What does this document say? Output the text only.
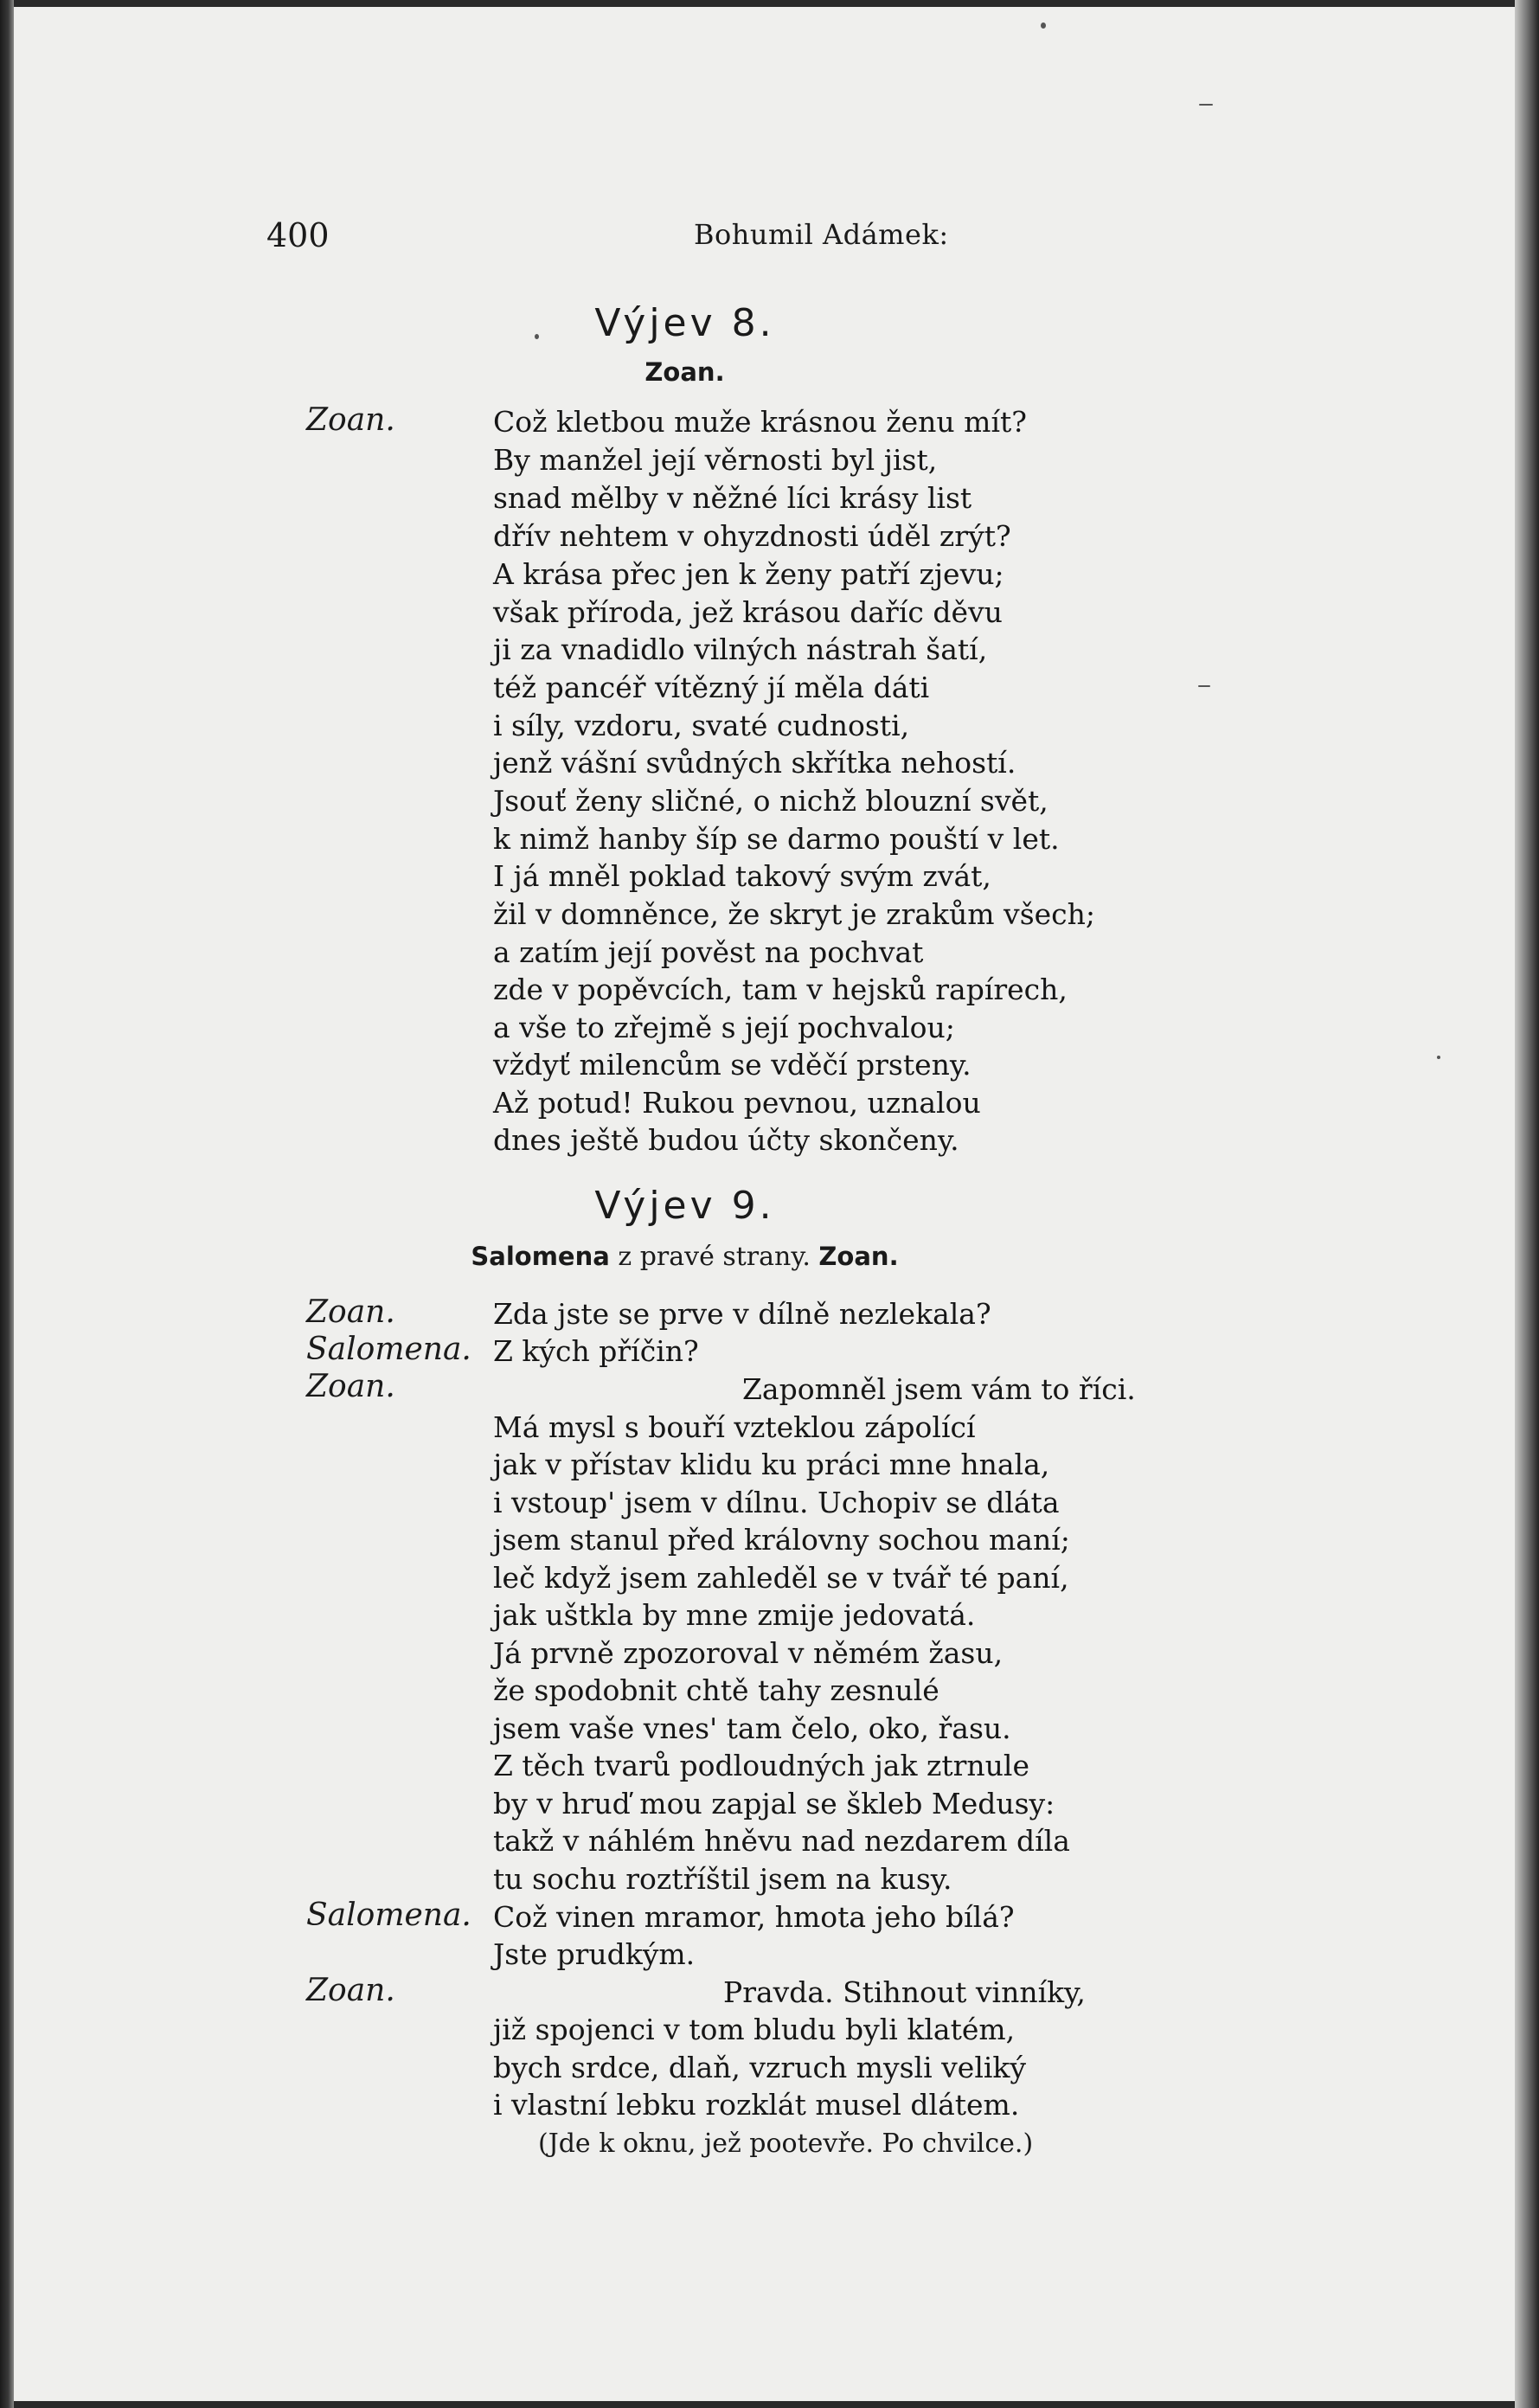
400	Bohumil Adámek:
Výjev 8.
Zoan.
Zoan.	Což kletbou muže krásnou ženu mít?
By manžel její věrnosti byl jist,
snad mělby v něžné líci krásy list
dřív nehtem v ohyzdnosti úděl zrýt?
A krása přec jen k ženy patří zjevu;
však příroda, jež krásou daříc děvu
ji za vnadidlo vilných nástrah šatí,
též pancéř vítězný jí měla dáti
i síly, vzdoru, svaté cudnosti,
jenž vášní svůdných skřítka nehostí.
Jsouť ženy sličné, o nichž blouzní svět,
k nimž hanby šíp se darmo pouští v let.
I já mněl poklad takový svým zvát,
žil v domněnce, že skryt je zrakům všech;
a zatím její pověst na pochvat
zde v popěvcích, tam v hejsků rapírech,
a vše to zřejmě s její pochvalou;
vždyť milencům se vděčí prsteny.
Až potud! Rukou pevnou, uznalou
dnes ještě budou účty skončeny.
Výjev 9.
Salomena z pravé strany. Zoan.
Zoan.
Salomena.
Zoan.
Salomena.
Zoan.
Zda jste se prve v dílně nezlekala?
Z kých příčin?
Zapomněl jsem vám to říci.
Má mysl s bouří vzteklou zápolící
jak v přístav klidu ku práci mne hnala,
i vstoup' jsem v dílnu. Uchopiv se dláta
jsem stanul před královny sochou maní;
leč když jsem zahleděl se v tvář té paní,
jak uštkla by mne zmije jedovatá.
Já prvně zpozoroval v němém žasu,
že spodobnit chtě tahy zesnulé
jsem vaše vnes' tam čelo, oko, řasu.
Z těch tvarů podloudných jak ztrnule
by v hruď mou zapjal se škleb Medusy:
takž v náhlém hněvu nad nezdarem díla
tu sochu roztříštil jsem na kusy.
Což vinen mramor, hmota jeho bílá?
Jste prudkým.
Pravda. Stihnout vinníky,
již spojenci v tom bludu byli klatém,
bych srdce, dlaň, vzruch mysli veliký
i vlastní lebku rozklát musel dlátem.
(Jde k oknu, jež pootevře. Po chvilce.)
